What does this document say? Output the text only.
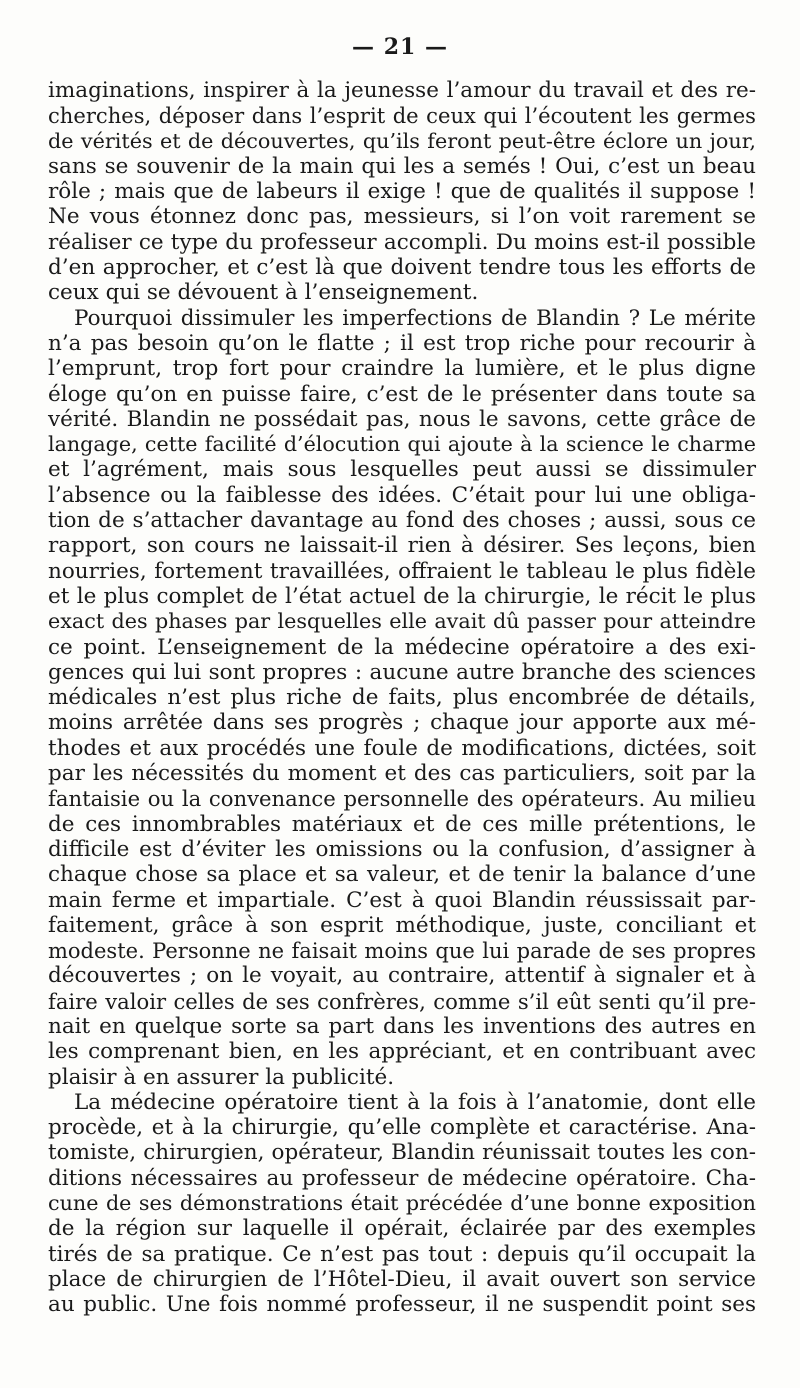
— 21 —
imaginations, inspirer à la jeunesse l’amour du travail et des re-
cherches, déposer dans l’esprit de ceux qui l’écoutent les germes
de vérités et de découvertes, qu’ils feront peut-être éclore un jour,
sans se souvenir de la main qui les a semés ! Oui, c’est un beau
rôle ; mais que de labeurs il exige ! que de qualités il suppose !
Ne vous étonnez donc pas, messieurs, si l’on voit rarement se
réaliser ce type du professeur accompli. Du moins est-il possible
d’en approcher, et c’est là que doivent tendre tous les efforts de
ceux qui se dévouent à l’enseignement.
Pourquoi dissimuler les imperfections de Blandin ? Le mérite
n’a pas besoin qu’on le flatte ; il est trop riche pour recourir à
l’emprunt, trop fort pour craindre la lumière, et le plus digne
éloge qu’on en puisse faire, c’est de le présenter dans toute sa
vérité. Blandin ne possédait pas, nous le savons, cette grâce de
langage, cette facilité d’élocution qui ajoute à la science le charme
et l’agrément, mais sous lesquelles peut aussi se dissimuler
l’absence ou la faiblesse des idées. C’était pour lui une obliga-
tion de s’attacher davantage au fond des choses ; aussi, sous ce
rapport, son cours ne laissait-il rien à désirer. Ses leçons, bien
nourries, fortement travaillées, offraient le tableau le plus fidèle
et le plus complet de l’état actuel de la chirurgie, le récit le plus
exact des phases par lesquelles elle avait dû passer pour atteindre
ce point. L’enseignement de la médecine opératoire a des exi-
gences qui lui sont propres : aucune autre branche des sciences
médicales n’est plus riche de faits, plus encombrée de détails,
moins arrêtée dans ses progrès ; chaque jour apporte aux mé-
thodes et aux procédés une foule de modifications, dictées, soit
par les nécessités du moment et des cas particuliers, soit par la
fantaisie ou la convenance personnelle des opérateurs. Au milieu
de ces innombrables matériaux et de ces mille prétentions, le
difficile est d’éviter les omissions ou la confusion, d’assigner à
chaque chose sa place et sa valeur, et de tenir la balance d’une
main ferme et impartiale. C’est à quoi Blandin réussissait par-
faitement, grâce à son esprit méthodique, juste, conciliant et
modeste. Personne ne faisait moins que lui parade de ses propres
découvertes ; on le voyait, au contraire, attentif à signaler et à
faire valoir celles de ses confrères, comme s’il eût senti qu’il pre-
nait en quelque sorte sa part dans les inventions des autres en
les comprenant bien, en les appréciant, et en contribuant avec
plaisir à en assurer la publicité.
La médecine opératoire tient à la fois à l’anatomie, dont elle
procède, et à la chirurgie, qu’elle complète et caractérise. Ana-
tomiste, chirurgien, opérateur, Blandin réunissait toutes les con-
ditions nécessaires au professeur de médecine opératoire. Cha-
cune de ses démonstrations était précédée d’une bonne exposition
de la région sur laquelle il opérait, éclairée par des exemples
tirés de sa pratique. Ce n’est pas tout : depuis qu’il occupait la
place de chirurgien de l’Hôtel-Dieu, il avait ouvert son service
au public. Une fois nommé professeur, il ne suspendit point ses
